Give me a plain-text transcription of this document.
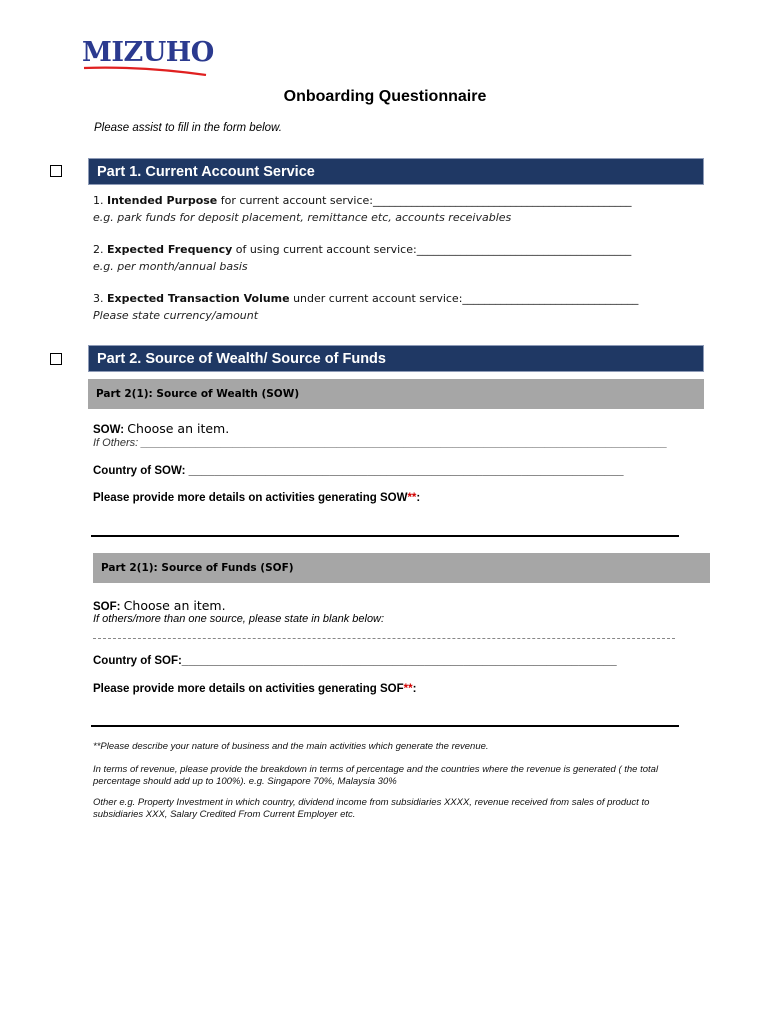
MIZUHO
Onboarding Questionnaire
Please assist to fill in the form below.
Part 1. Current Account Service
1. Intended Purpose for current account service:_______________________________________________
e.g. park funds for deposit placement, remittance etc, accounts receivables
2. Expected Frequency of using current account service:_______________________________________
e.g. per month/annual basis
3. Expected Transaction Volume under current account service:________________________________
Please state currency/amount
Part 2. Source of Wealth/ Source of Funds
Part 2(1): Source of Wealth (SOW)
SOW: Choose an item.
If Others: ______________________________________________________________________________________
Country of SOW: ____________________________________________________________________
Please provide more details on activities generating SOW**:
Part 2(1): Source of Funds (SOF)
SOF: Choose an item.
If others/more than one source, please state in blank below:
Country of SOF:____________________________________________________________________
Please provide more details on activities generating SOF**:
**Please describe your nature of business and the main activities which generate the revenue.
In terms of revenue, please provide the breakdown in terms of percentage and the countries where the revenue is generated ( the total percentage should add up to 100%). e.g. Singapore 70%, Malaysia 30%
Other e.g. Property Investment in which country, dividend income from subsidiaries XXXX, revenue received from sales of product to subsidiaries XXX, Salary Credited From Current Employer etc.
